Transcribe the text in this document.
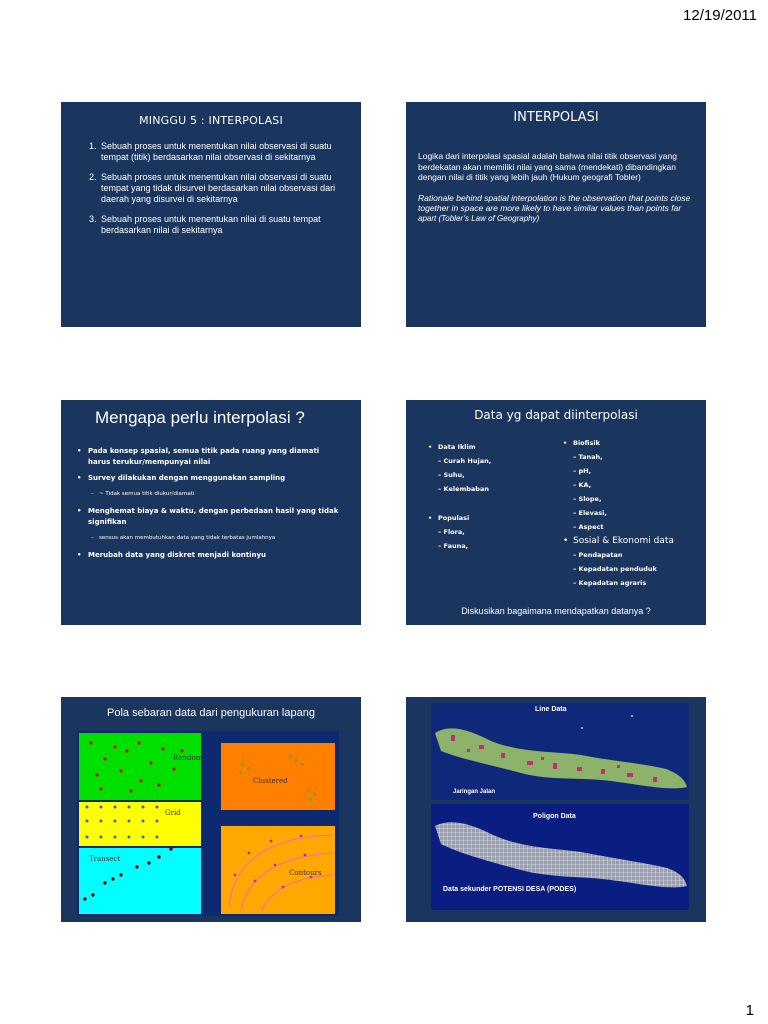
12/19/2011
MINGGU 5 : INTERPOLASI
1. Sebuah proses untuk menentukan nilai observasi di suatu tempat (titik) berdasarkan nilai observasi di sekitarnya
2. Sebuah proses untuk menentukan nilai observasi di suatu tempat yang tidak disurvei berdasarkan nilai observasi dari daerah yang disurvei di sekitarnya
3. Sebuah proses untuk menentukan nilai di suatu tempat berdasarkan nilai di sekitarnya
INTERPOLASI
Logika dari interpolasi spasial adalah bahwa nilai titik observasi yang berdekatan akan memiliki nilai yang sama (mendekati) dibandingkan dengan nilai di titik yang lebih jauh (Hukum geografi Tobler)
Rationale behind spatial interpolation is the observation that points close together in space are more likely to have similar values than points far
apart (Tobler’s Law of Geography)
Mengapa perlu interpolasi ?
• Pada konsep spasial, semua titik pada ruang yang diamati harus terukur/mempunyai nilai
• Survey dilakukan dengan menggunakan sampling
– ~ Tidak semua titik diukur/diamati
• Menghemat biaya & waktu, dengan perbedaan hasil yang tidak signifikan
– sensus akan membutuhkan data yang tidak terbatas jumlahnya
• Merubah data yang diskret menjadi kontinyu
Data yg dapat diinterpolasi
• Data Iklim
– Curah Hujan,
– Suhu,
– Kelembaban
• Populasi
– Flora,
– Fauna,
• Biofisik
– Tanah,
– pH,
– KA,
– Slope,
– Elevasi,
– Aspect
• Sosial & Ekonomi data
– Pendapatan
– Kepadatan penduduk
– Kepadatan agraris
Diskusikan bagaimana mendapatkan datanya ?
Pola sebaran data dari pengukuran lapang
Random
Grid
Transect
Clustered
Contours
Line Data
Jaringan Jalan
Poligon Data
Data sekunder POTENSI DESA (PODES)
1
